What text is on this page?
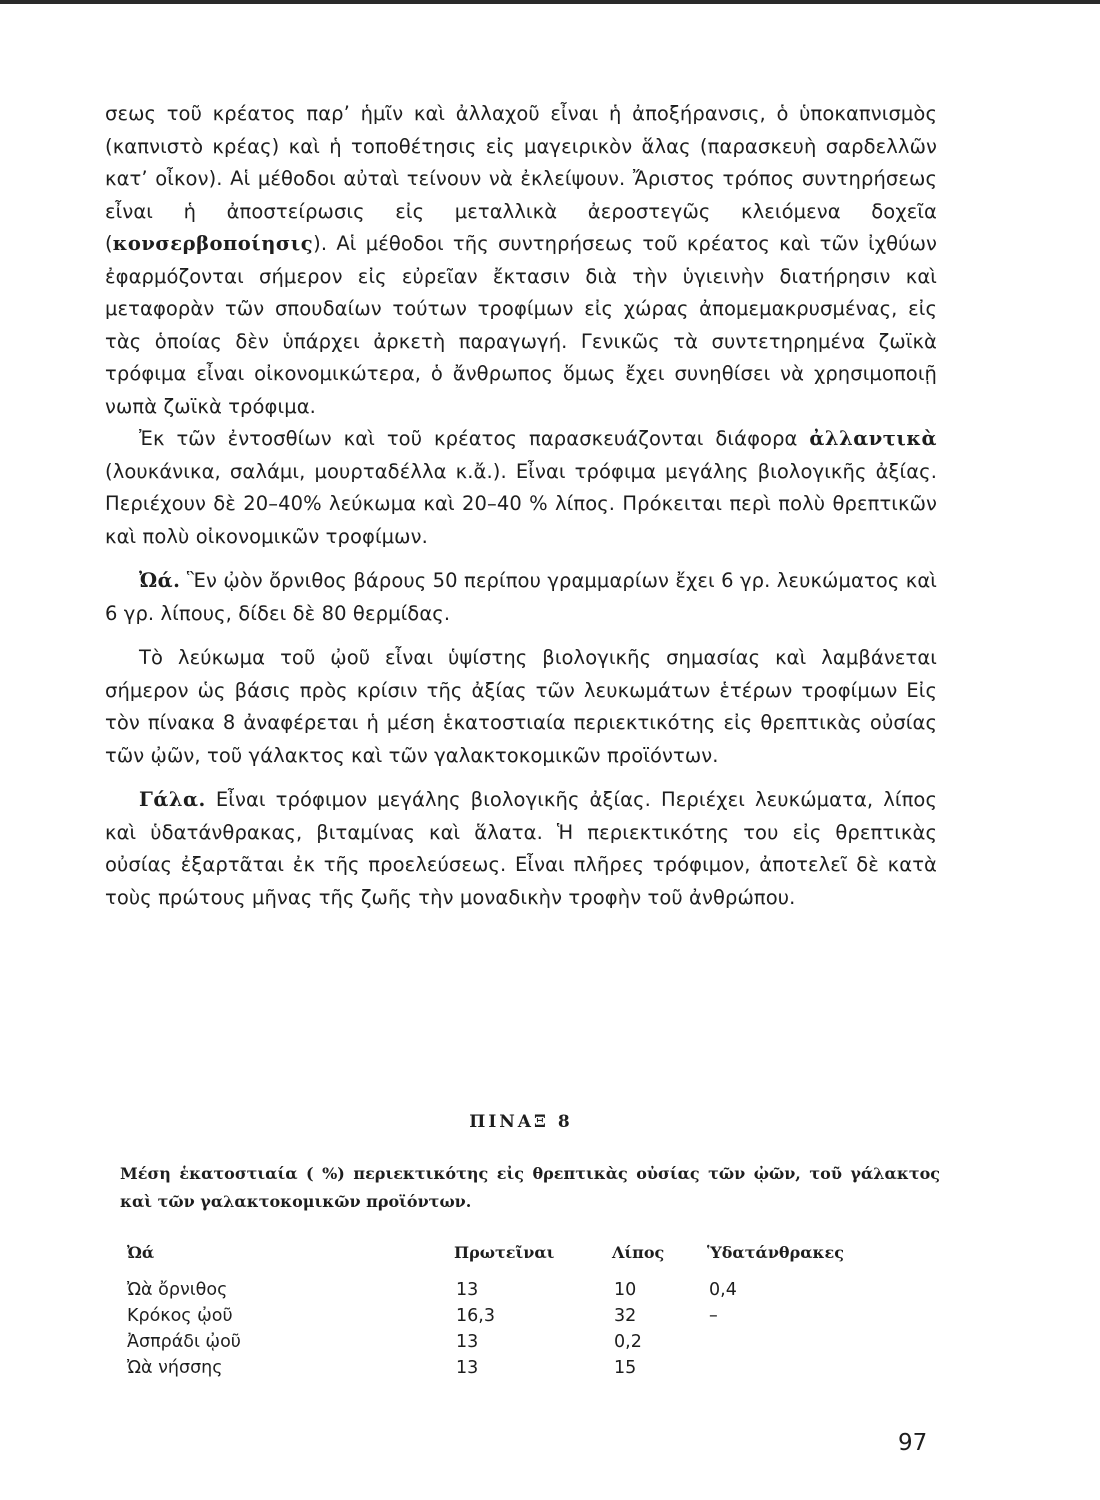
σεως τοῦ κρέατος παρ’ ἡμῖν καὶ ἀλλαχοῦ εἶναι ἡ ἀποξήρανσις, ὁ ὑποκαπνισμὸς (καπνιστὸ κρέας) καὶ ἡ τοποθέτησις εἰς μαγειρικὸν ἅλας (παρασκευὴ σαρδελλῶν κατ’ οἶκον). Αἱ μέθοδοι αὐταὶ τείνουν νὰ ἐκλείψουν. Ἄριστος τρόπος συντηρήσεως εἶναι ἡ ἀποστείρωσις εἰς μεταλλικὰ ἀεροστεγῶς κλειόμενα δοχεῖα (κονσερβοποίησις). Αἱ μέθοδοι τῆς συντηρήσεως τοῦ κρέατος καὶ τῶν ἰχθύων ἐφαρμόζονται σήμερον εἰς εὐρεῖαν ἔκτασιν διὰ τὴν ὑγιεινὴν διατήρησιν καὶ μεταφορὰν τῶν σπουδαίων τούτων τροφίμων εἰς χώρας ἀπομεμακρυσμένας, εἰς τὰς ὁποίας δὲν ὑπάρχει ἀρκετὴ παραγωγή. Γενικῶς τὰ συντετηρημένα ζωϊκὰ τρόφιμα εἶναι οἰκονομικώτερα, ὁ ἄνθρωπος ὅμως ἔχει συνηθίσει νὰ χρησιμοποιῇ νωπὰ ζωϊκὰ τρόφιμα.

Ἐκ τῶν ἐντοσθίων καὶ τοῦ κρέατος παρασκευάζονται διάφορα ἀλλαντικὰ (λουκάνικα, σαλάμι, μουρταδέλλα κ.ἄ.). Εἶναι τρόφιμα μεγάλης βιολογικῆς ἀξίας. Περιέχουν δὲ 20–40% λεύκωμα καὶ 20–40 % λίπος. Πρόκειται περὶ πολὺ θρεπτικῶν καὶ πολὺ οἰκονομικῶν τροφίμων.

Ὠά. Ἓν ᾠὸν ὄρνιθος βάρους 50 περίπου γραμμαρίων ἔχει 6 γρ. λευκώματος καὶ 6 γρ. λίπους, δίδει δὲ 80 θερμίδας.

Τὸ λεύκωμα τοῦ ᾠοῦ εἶναι ὑψίστης βιολογικῆς σημασίας καὶ λαμβάνεται σήμερον ὡς βάσις πρὸς κρίσιν τῆς ἀξίας τῶν λευκωμάτων ἑτέρων τροφίμων Εἰς τὸν πίνακα 8 ἀναφέρεται ἡ μέση ἑκατοστιαία περιεκτικότης εἰς θρεπτικὰς οὐσίας τῶν ᾠῶν, τοῦ γάλακτος καὶ τῶν γαλακτοκομικῶν προϊόντων.

Γάλα. Εἶναι τρόφιμον μεγάλης βιολογικῆς ἀξίας. Περιέχει λευκώματα, λίπος καὶ ὑδατάνθρακας, βιταμίνας καὶ ἅλατα. Ἡ περιεκτικότης του εἰς θρεπτικὰς οὐσίας ἐξαρτᾶται ἐκ τῆς προελεύσεως. Εἶναι πλῆρες τρόφιμον, ἀποτελεῖ δὲ κατὰ τοὺς πρώτους μῆνας τῆς ζωῆς τὴν μοναδικὴν τροφὴν τοῦ ἀνθρώπου.

ΠΙΝΑΞ 8
Μέση ἑκατοστιαία ( %) περιεκτικότης εἰς θρεπτικὰς οὐσίας τῶν ᾠῶν, τοῦ γάλακτος καὶ τῶν γαλακτοκομικῶν προϊόντων.
Ὠά	Πρωτεῖναι	Λίπος	Ὑδατάνθρακες
Ὠὰ ὄρνιθος	13	10	0,4
Κρόκος ᾠοῦ	16,3	32	–
Ἀσπράδι ᾠοῦ	13	0,2	
Ὠὰ νήσσης	13	15	
97
